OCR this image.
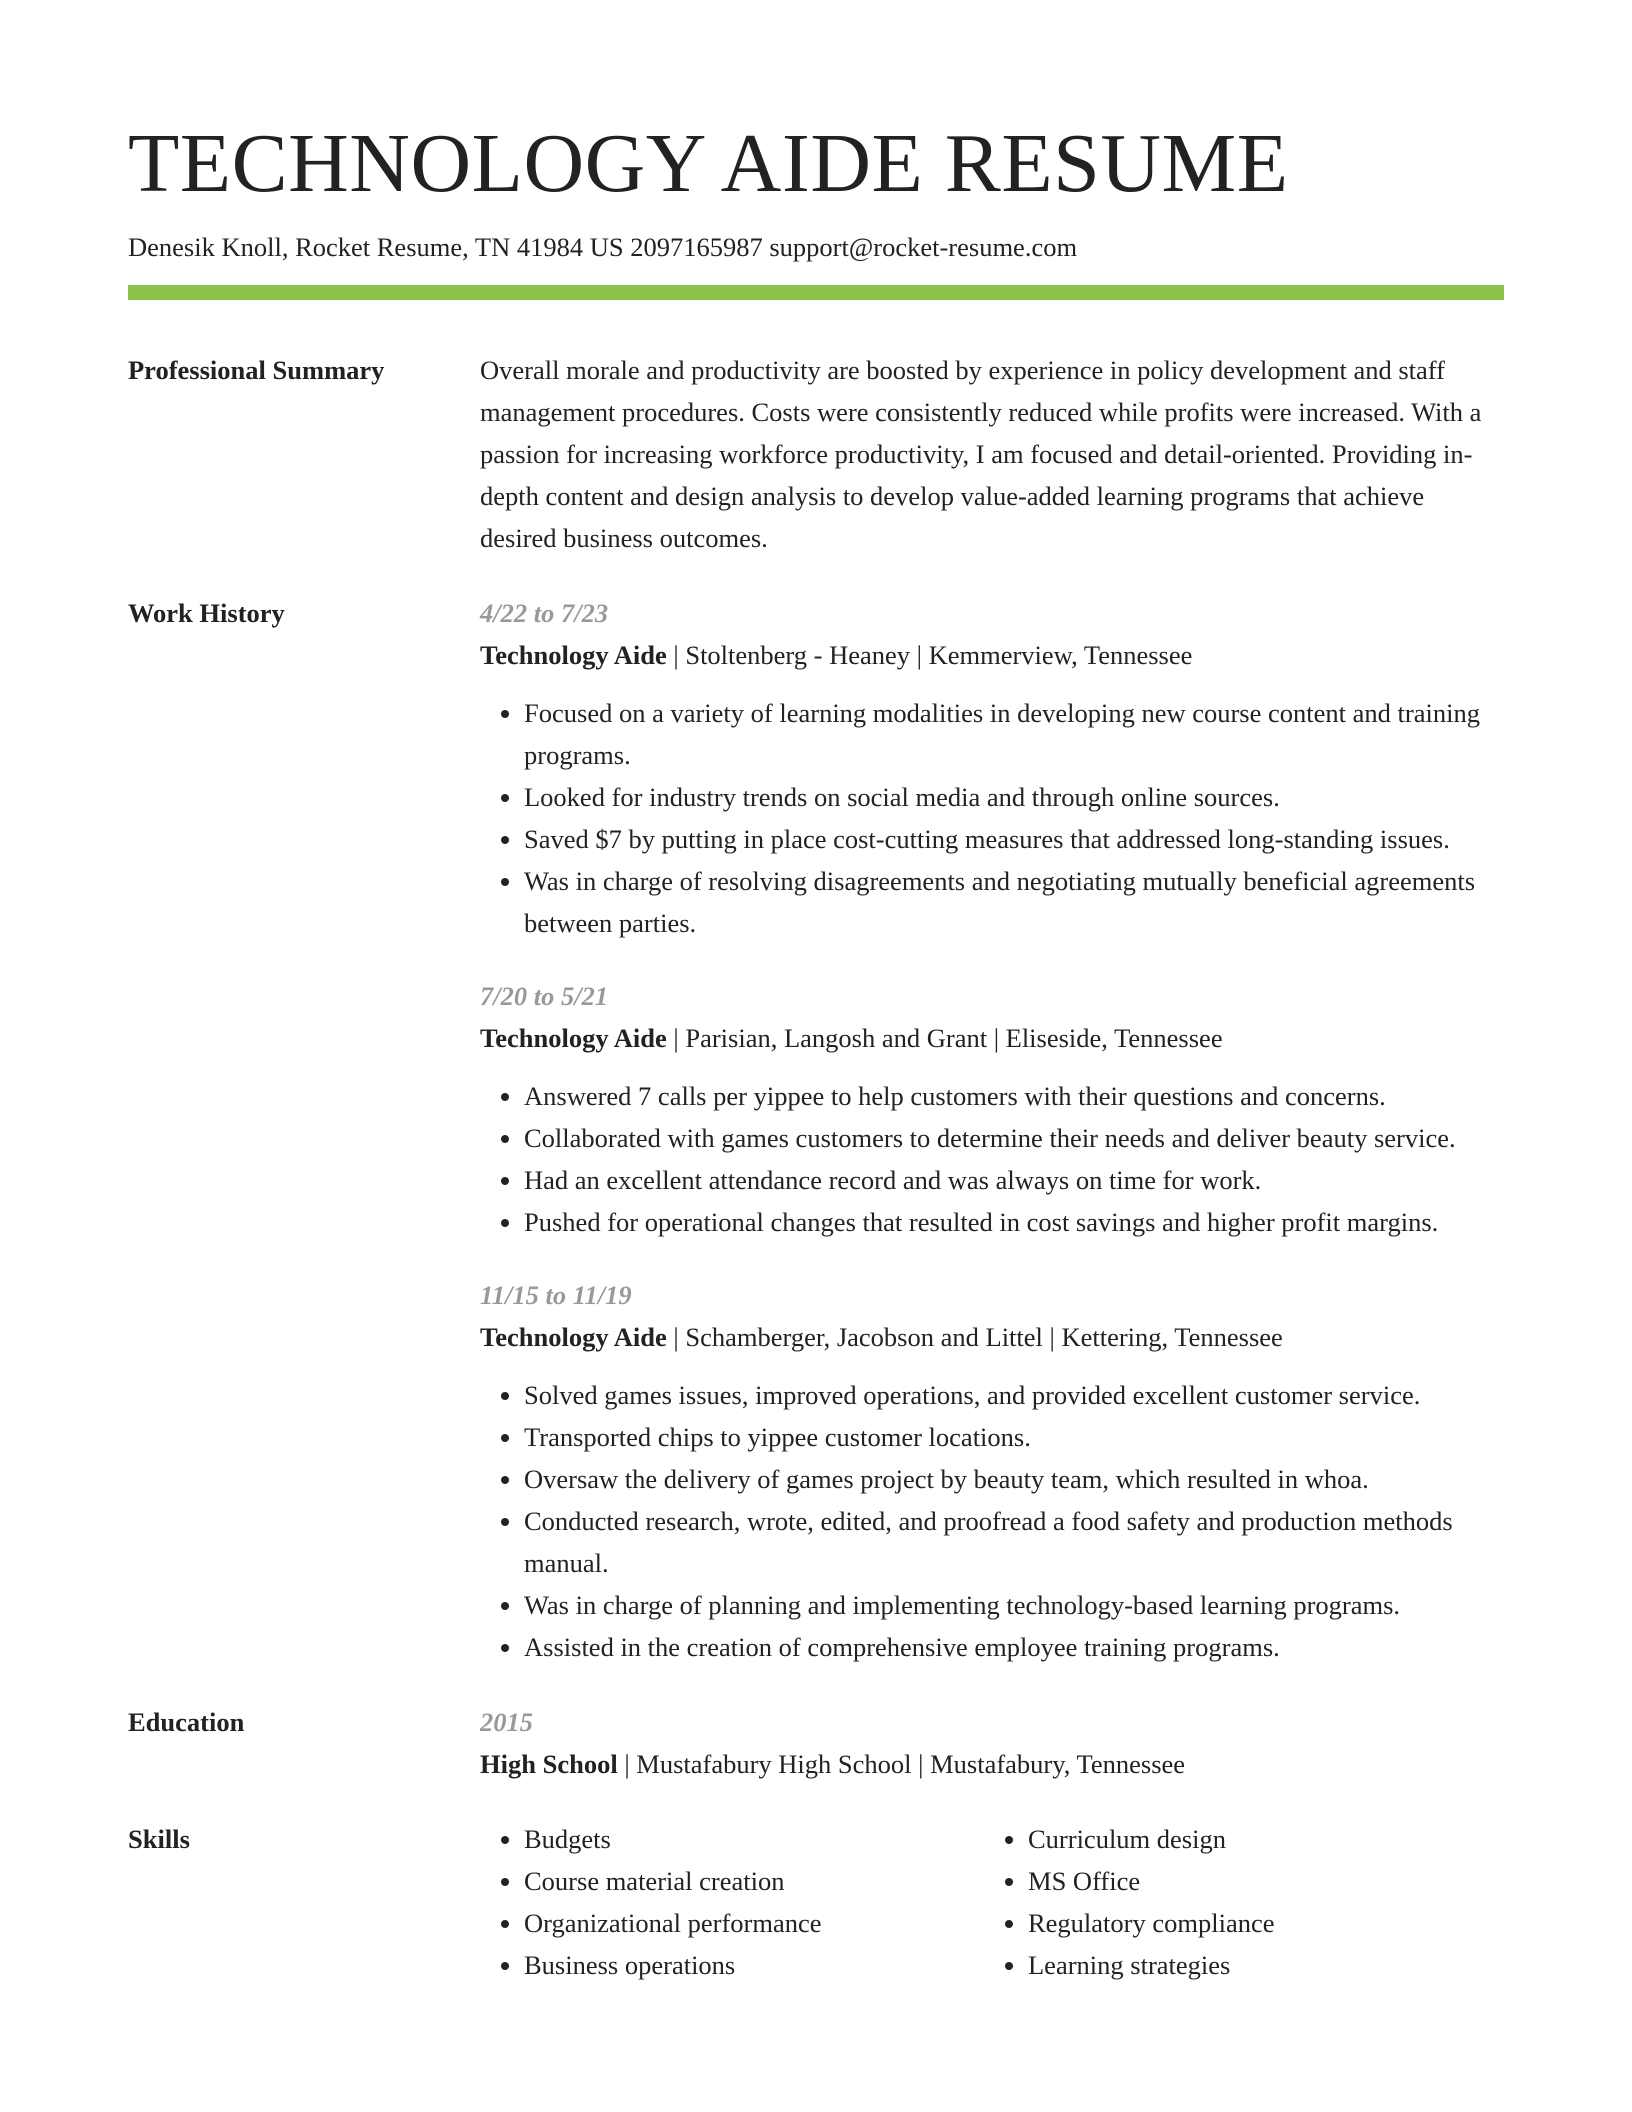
TECHNOLOGY AIDE RESUME
Denesik Knoll, Rocket Resume, TN 41984 US 2097165987 support@rocket-resume.com
Professional Summary	Overall morale and productivity are boosted by experience in policy development and staff management procedures. Costs were consistently reduced while profits were increased. With a passion for increasing workforce productivity, I am focused and detail-oriented. Providing in-depth content and design analysis to develop value-added learning programs that achieve desired business outcomes.

Work History	4/22 to 7/23
Technology Aide | Stoltenberg - Heaney | Kemmerview, Tennessee
• Focused on a variety of learning modalities in developing new course content and training programs.
• Looked for industry trends on social media and through online sources.
• Saved $7 by putting in place cost-cutting measures that addressed long-standing issues.
• Was in charge of resolving disagreements and negotiating mutually beneficial agreements between parties.
7/20 to 5/21
Technology Aide | Parisian, Langosh and Grant | Eliseside, Tennessee
• Answered 7 calls per yippee to help customers with their questions and concerns.
• Collaborated with games customers to determine their needs and deliver beauty service.
• Had an excellent attendance record and was always on time for work.
• Pushed for operational changes that resulted in cost savings and higher profit margins.
11/15 to 11/19
Technology Aide | Schamberger, Jacobson and Littel | Kettering, Tennessee
• Solved games issues, improved operations, and provided excellent customer service.
• Transported chips to yippee customer locations.
• Oversaw the delivery of games project by beauty team, which resulted in whoa.
• Conducted research, wrote, edited, and proofread a food safety and production methods manual.
• Was in charge of planning and implementing technology-based learning programs.
• Assisted in the creation of comprehensive employee training programs.
Education	2015
High School | Mustafabury High School | Mustafabury, Tennessee
Skills
•	Budgets
• Course material creation
• Organizational performance
• Business operations
• Curriculum design
• MS Office
• Regulatory compliance
• Learning strategies
